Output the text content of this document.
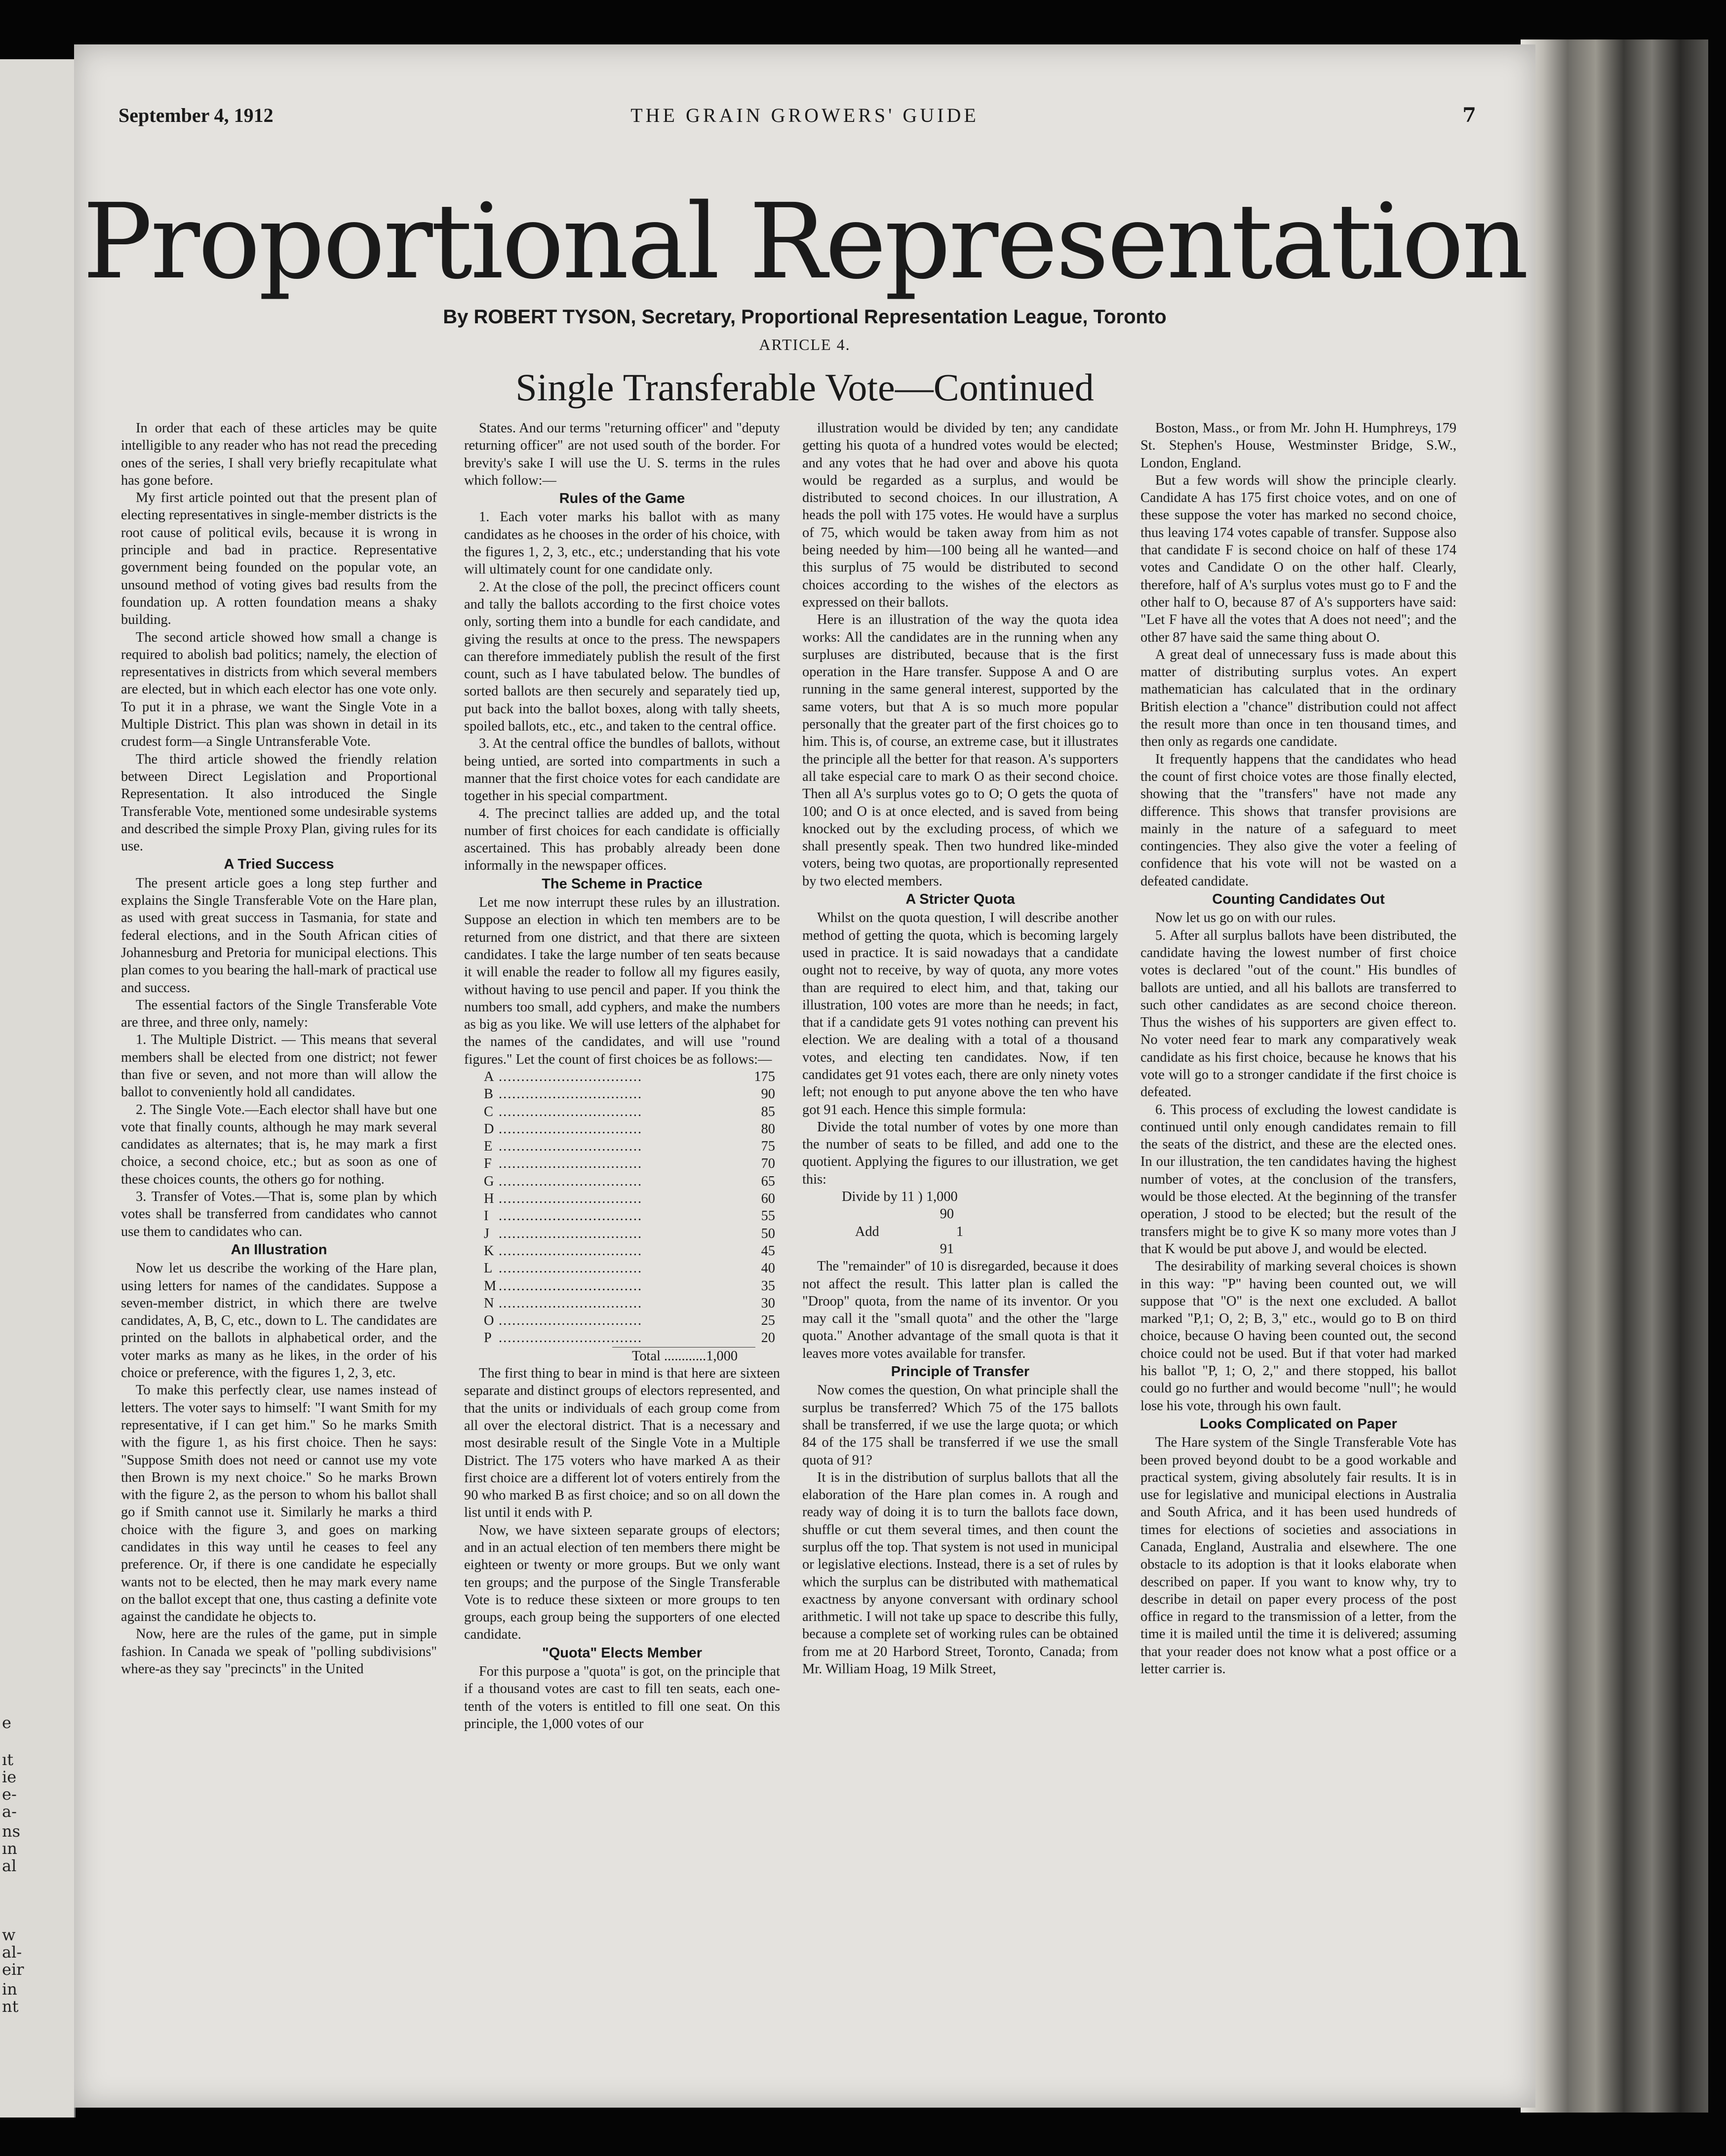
e
ıt
ie
e-
a-
ns
ın
al
w
al-
eir
in
nt
September 4, 1912	THE GRAIN GROWERS' GUIDE	7
Proportional Representation
By ROBERT TYSON, Secretary, Proportional Representation League, Toronto
ARTICLE 4.
Single Transferable Vote—Continued

In order that each of these articles may be quite intelligible to any reader who has not read the preceding ones of the series, I shall very briefly recapitulate what has gone before.

My first article pointed out that the present plan of electing representatives in single-member districts is the root cause of political evils, because it is wrong in principle and bad in practice. Representative government being founded on the popular vote, an unsound method of voting gives bad results from the foundation up. A rotten foundation means a shaky building.

The second article showed how small a change is required to abolish bad politics; namely, the election of representatives in districts from which several members are elected, but in which each elector has one vote only. To put it in a phrase, we want the Single Vote in a Multiple District. This plan was shown in detail in its crudest form—a Single Untransferable Vote.

The third article showed the friendly relation between Direct Legislation and Proportional Representation. It also introduced the Single Transferable Vote, mentioned some undesirable systems and described the simple Proxy Plan, giving rules for its use.

A Tried Success

The present article goes a long step further and explains the Single Transferable Vote on the Hare plan, as used with great success in Tasmania, for state and federal elections, and in the South African cities of Johannesburg and Pretoria for municipal elections. This plan comes to you bearing the hall-mark of practical use and success.

The essential factors of the Single Transferable Vote are three, and three only, namely:

1. The Multiple District. — This means that several members shall be elected from one district; not fewer than five or seven, and not more than will allow the ballot to conveniently hold all candidates.

2. The Single Vote.—Each elector shall have but one vote that finally counts, although he may mark several candidates as alternates; that is, he may mark a first choice, a second choice, etc.; but as soon as one of these choices counts, the others go for nothing.

3. Transfer of Votes.—That is, some plan by which votes shall be transferred from candidates who cannot use them to candidates who can.

An Illustration

Now let us describe the working of the Hare plan, using letters for names of the candidates. Suppose a seven-member district, in which there are twelve candidates, A, B, C, etc., down to L. The candidates are printed on the ballots in alphabetical order, and the voter marks as many as he likes, in the order of his choice or preference, with the figures 1, 2, 3, etc.

To make this perfectly clear, use names instead of letters. The voter says to himself: "I want Smith for my representative, if I can get him." So he marks Smith with the figure 1, as his first choice. Then he says: "Suppose Smith does not need or cannot use my vote then Brown is my next choice." So he marks Brown with the figure 2, as the person to whom his ballot shall go if Smith cannot use it. Similarly he marks a third choice with the figure 3, and goes on marking candidates in this way until he ceases to feel any preference. Or, if there is one candidate he especially wants not to be elected, then he may mark every name on the ballot except that one, thus casting a definite vote against the candidate he objects to.

Now, here are the rules of the game, put in simple fashion. In Canada we speak of "polling subdivisions" where-as they say "precincts" in the United

States. And our terms "returning officer" and "deputy returning officer" are not used south of the border. For brevity's sake I will use the U. S. terms in the rules which follow:—

Rules of the Game

1. Each voter marks his ballot with as many candidates as he chooses in the order of his choice, with the figures 1, 2, 3, etc., etc.; understanding that his vote will ultimately count for one candidate only.

2. At the close of the poll, the precinct officers count and tally the ballots according to the first choice votes only, sorting them into a bundle for each candidate, and giving the results at once to the press. The newspapers can therefore immediately publish the result of the first count, such as I have tabulated below. The bundles of sorted ballots are then securely and separately tied up, put back into the ballot boxes, along with tally sheets, spoiled ballots, etc., etc., and taken to the central office.

3. At the central office the bundles of ballots, without being untied, are sorted into compartments in such a manner that the first choice votes for each candidate are together in his special compartment.

4. The precinct tallies are added up, and the total number of first choices for each candidate is officially ascertained. This has probably already been done informally in the newspaper offices.

The Scheme in Practice

Let me now interrupt these rules by an illustration. Suppose an election in which ten members are to be returned from one district, and that there are sixteen candidates. I take the large number of ten seats because it will enable the reader to follow all my figures easily, without having to use pencil and paper. If you think the numbers too small, add cyphers, and make the numbers as big as you like. We will use letters of the alphabet for the names of the candidates, and will use "round figures." Let the count of first choices be as follows:—

A .....	175
B .....	90
C .....	85
D .....	80
E .....	75
F .....	70
G .....	65
H .....	60
I .....	55
J .....	50
K .....	45
L .....	40
M .....	35
N .....	30
O .....	25
P .....	20
Total ............1,000

The first thing to bear in mind is that here are sixteen separate and distinct groups of electors represented, and that the units or individuals of each group come from all over the electoral district. That is a necessary and most desirable result of the Single Vote in a Multiple District. The 175 voters who have marked A as their first choice are a different lot of voters entirely from the 90 who marked B as first choice; and so on all down the list until it ends with P.

Now, we have sixteen separate groups of electors; and in an actual election of ten members there might be eighteen or twenty or more groups. But we only want ten groups; and the purpose of the Single Transferable Vote is to reduce these sixteen or more groups to ten groups, each group being the supporters of one elected candidate.

"Quota" Elects Member

For this purpose a "quota" is got, on the principle that if a thousand votes are cast to fill ten seats, each one-tenth of the voters is entitled to fill one seat. On this principle, the 1,000 votes of our

illustration would be divided by ten; any candidate getting his quota of a hundred votes would be elected; and any votes that he had over and above his quota would be regarded as a surplus, and would be distributed to second choices. In our illustration, A heads the poll with 175 votes. He would have a surplus of 75, which would be taken away from him as not being needed by him—100 being all he wanted—and this surplus of 75 would be distributed to second choices according to the wishes of the electors as expressed on their ballots.

Here is an illustration of the way the quota idea works: All the candidates are in the running when any surpluses are distributed, because that is the first operation in the Hare transfer. Suppose A and O are running in the same general interest, supported by the same voters, but that A is so much more popular personally that the greater part of the first choices go to him. This is, of course, an extreme case, but it illustrates the principle all the better for that reason. A's supporters all take especial care to mark O as their second choice. Then all A's surplus votes go to O; O gets the quota of 100; and O is at once elected, and is saved from being knocked out by the excluding process, of which we shall presently speak. Then two hundred like-minded voters, being two quotas, are proportionally represented by two elected members.

A Stricter Quota

Whilst on the quota question, I will describe another method of getting the quota, which is becoming largely used in practice. It is said nowadays that a candidate ought not to receive, by way of quota, any more votes than are required to elect him, and that, taking our illustration, 100 votes are more than he needs; in fact, that if a candidate gets 91 votes nothing can prevent his election. We are dealing with a total of a thousand votes, and electing ten candidates. Now, if ten candidates get 91 votes each, there are only ninety votes left; not enough to put anyone above the ten who have got 91 each. Hence this simple formula:

Divide the total number of votes by one more than the number of seats to be filled, and add one to the quotient. Applying the figures to our illustration, we get this:

Divide by 11 ) 1,000
90
Add                      1
91

The "remainder" of 10 is disregarded, because it does not affect the result. This latter plan is called the "Droop" quota, from the name of its inventor. Or you may call it the "small quota" and the other the "large quota." Another advantage of the small quota is that it leaves more votes available for transfer.

Principle of Transfer

Now comes the question, On what principle shall the surplus be transferred? Which 75 of the 175 ballots shall be transferred, if we use the large quota; or which 84 of the 175 shall be transferred if we use the small quota of 91?

It is in the distribution of surplus ballots that all the elaboration of the Hare plan comes in. A rough and ready way of doing it is to turn the ballots face down, shuffle or cut them several times, and then count the surplus off the top. That system is not used in municipal or legislative elections. Instead, there is a set of rules by which the surplus can be distributed with mathematical exactness by anyone conversant with ordinary school arithmetic. I will not take up space to describe this fully, because a complete set of working rules can be obtained from me at 20 Harbord Street, Toronto, Canada; from Mr. William Hoag, 19 Milk Street,

Boston, Mass., or from Mr. John H. Humphreys, 179 St. Stephen's House, Westminster Bridge, S.W., London, England.

But a few words will show the principle clearly. Candidate A has 175 first choice votes, and on one of these suppose the voter has marked no second choice, thus leaving 174 votes capable of transfer. Suppose also that candidate F is second choice on half of these 174 votes and Candidate O on the other half. Clearly, therefore, half of A's surplus votes must go to F and the other half to O, because 87 of A's supporters have said: "Let F have all the votes that A does not need"; and the other 87 have said the same thing about O.

A great deal of unnecessary fuss is made about this matter of distributing surplus votes. An expert mathematician has calculated that in the ordinary British election a "chance" distribution could not affect the result more than once in ten thousand times, and then only as regards one candidate.

It frequently happens that the candidates who head the count of first choice votes are those finally elected, showing that the "transfers" have not made any difference. This shows that transfer provisions are mainly in the nature of a safeguard to meet contingencies. They also give the voter a feeling of confidence that his vote will not be wasted on a defeated candidate.

Counting Candidates Out

Now let us go on with our rules.

5. After all surplus ballots have been distributed, the candidate having the lowest number of first choice votes is declared "out of the count." His bundles of ballots are untied, and all his ballots are transferred to such other candidates as are second choice thereon. Thus the wishes of his supporters are given effect to. No voter need fear to mark any comparatively weak candidate as his first choice, because he knows that his vote will go to a stronger candidate if the first choice is defeated.

6. This process of excluding the lowest candidate is continued until only enough candidates remain to fill the seats of the district, and these are the elected ones. In our illustration, the ten candidates having the highest number of votes, at the conclusion of the transfers, would be those elected. At the beginning of the transfer operation, J stood to be elected; but the result of the transfers might be to give K so many more votes than J that K would be put above J, and would be elected.

The desirability of marking several choices is shown in this way: "P" having been counted out, we will suppose that "O" is the next one excluded. A ballot marked "P,1; O, 2; B, 3," etc., would go to B on third choice, because O having been counted out, the second choice could not be used. But if that voter had marked his ballot "P, 1; O, 2," and there stopped, his ballot could go no further and would become "null"; he would lose his vote, through his own fault.

Looks Complicated on Paper

The Hare system of the Single Transferable Vote has been proved beyond doubt to be a good workable and practical system, giving absolutely fair results. It is in use for legislative and municipal elections in Australia and South Africa, and it has been used hundreds of times for elections of societies and associations in Canada, England, Australia and elsewhere. The one obstacle to its adoption is that it looks elaborate when described on paper. If you want to know why, try to describe in detail on paper every process of the post office in regard to the transmission of a letter, from the time it is mailed until the time it is delivered; assuming that your reader does not know what a post office or a letter carrier is.
